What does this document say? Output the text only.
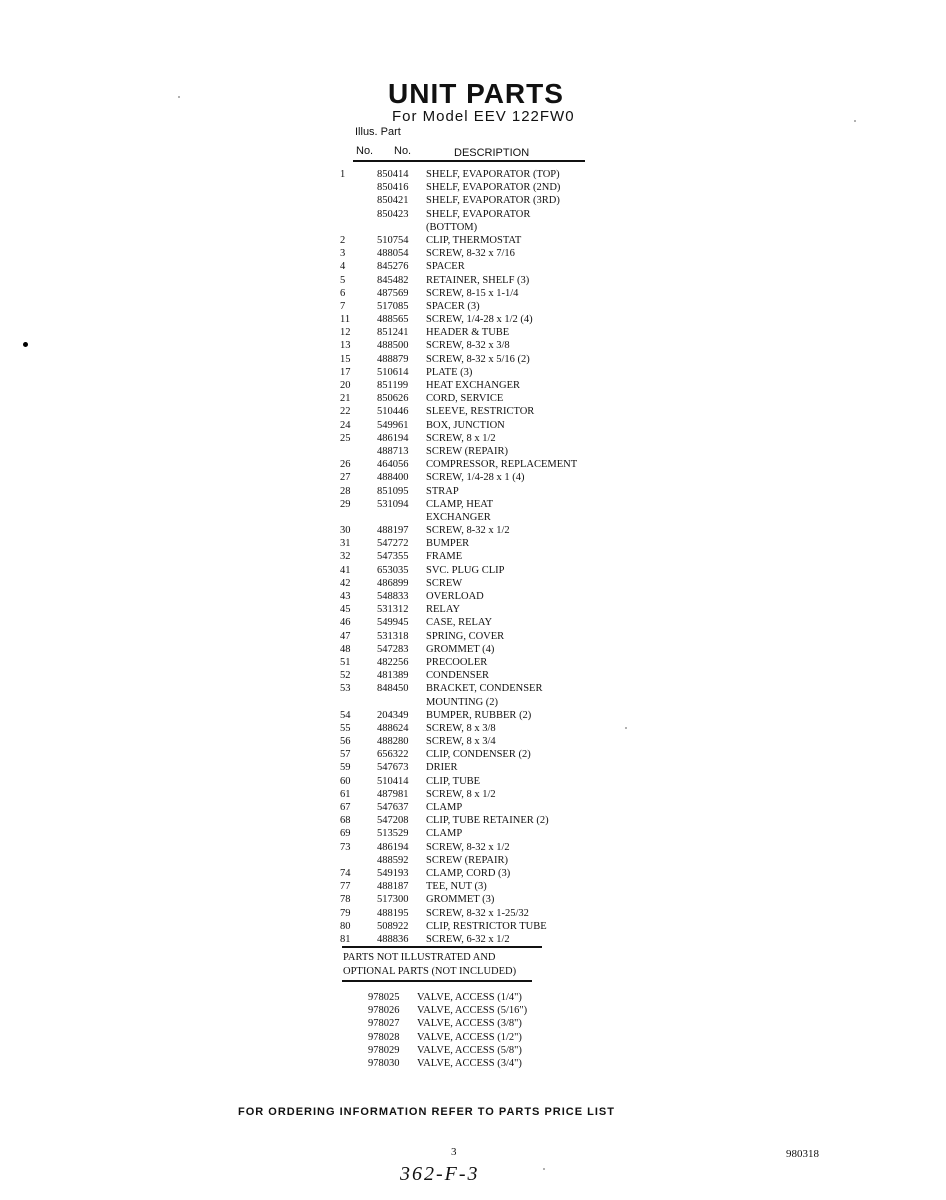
UNIT PARTS
For Model EEV 122FW0
Illus. Part
No. No.	DESCRIPTION
1	850414	SHELF, EVAPORATOR (TOP)
850416	SHELF, EVAPORATOR (2ND)
850421	SHELF, EVAPORATOR (3RD)
850423	SHELF, EVAPORATOR
(BOTTOM)
2	510754	CLIP, THERMOSTAT
3	488054	SCREW, 8-32 x 7/16
4	845276	SPACER
5	845482	RETAINER, SHELF (3)
6	487569	SCREW, 8-15 x 1-1/4
7	517085	SPACER (3)
11	488565	SCREW, 1/4-28 x 1/2 (4)
12	851241	HEADER & TUBE
13	488500	SCREW, 8-32 x 3/8
15	488879	SCREW, 8-32 x 5/16 (2)
17	510614	PLATE (3)
20	851199	HEAT EXCHANGER
21	850626	CORD, SERVICE
22	510446	SLEEVE, RESTRICTOR
24	549961	BOX, JUNCTION
25	486194	SCREW, 8 x 1/2
488713	SCREW (REPAIR)
26	464056	COMPRESSOR, REPLACEMENT
27	488400	SCREW, 1/4-28 x 1 (4)
28	851095	STRAP
29	531094	CLAMP, HEAT
EXCHANGER
30	488197	SCREW, 8-32 x 1/2
31	547272	BUMPER
32	547355	FRAME
41	653035	SVC. PLUG CLIP
42	486899	SCREW
43	548833	OVERLOAD
45	531312	RELAY
46	549945	CASE, RELAY
47	531318	SPRING, COVER
48	547283	GROMMET (4)
51	482256	PRECOOLER
52	481389	CONDENSER
53	848450	BRACKET, CONDENSER
MOUNTING (2)
54	204349	BUMPER, RUBBER (2)
55	488624	SCREW, 8 x 3/8
56	488280	SCREW, 8 x 3/4
57	656322	CLIP, CONDENSER (2)
59	547673	DRIER
60	510414	CLIP, TUBE
61	487981	SCREW, 8 x 1/2
67	547637	CLAMP
68	547208	CLIP, TUBE RETAINER (2)
69	513529	CLAMP
73	486194	SCREW, 8-32 x 1/2
488592	SCREW (REPAIR)
74	549193	CLAMP, CORD (3)
77	488187	TEE, NUT (3)
78	517300	GROMMET (3)
79	488195	SCREW, 8-32 x 1-25/32
80	508922	CLIP, RESTRICTOR TUBE
81	488836	SCREW, 6-32 x 1/2
PARTS NOT ILLUSTRATED AND
OPTIONAL PARTS (NOT INCLUDED)
978025	VALVE, ACCESS (1/4")
978026	VALVE, ACCESS (5/16")
978027	VALVE, ACCESS (3/8")
978028	VALVE, ACCESS (1/2")
978029	VALVE, ACCESS (5/8")
978030	VALVE, ACCESS (3/4")
FOR ORDERING INFORMATION REFER TO PARTS PRICE LIST
3	980318
362-F-3
